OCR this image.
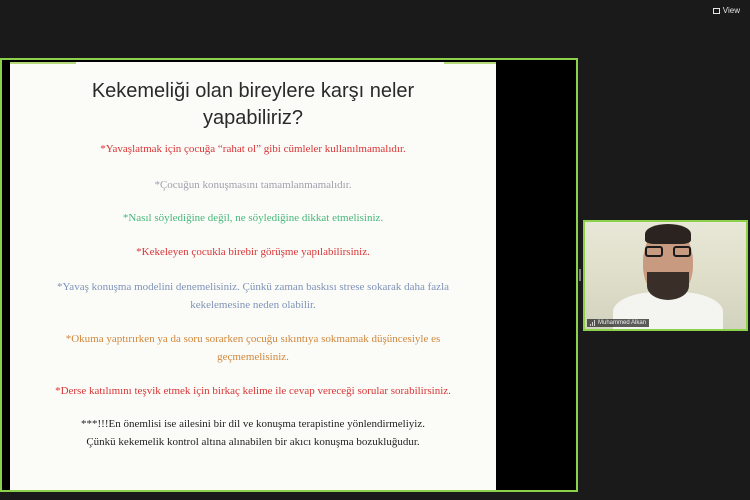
View
Kekemeliği olan bireylere karşı neler
yapabiliriz?
*Yavaşlatmak için çocuğa “rahat ol” gibi cümleler kullanılmamalıdır.
*Çocuğun konuşmasını tamamlanmamalıdır.
*Nasıl söylediğine değil, ne söylediğine dikkat etmelisiniz.
*Kekeleyen çocukla birebir görüşme yapılabilirsiniz.
*Yavaş konuşma modelini denemelisiniz. Çünkü zaman baskısı strese sokarak daha fazla
kekelemesine neden olabilir.
*Okuma yaptırırken ya da soru sorarken çocuğu sıkıntıya sokmamak düşüncesiyle es
geçmemelisiniz.
*Derse katılımını teşvik etmek için birkaç kelime ile cevap vereceği sorular sorabilirsiniz.
***!!!En önemlisi ise ailesini bir dil ve konuşma terapistine yönlendirmeliyiz.
Çünkü kekemelik kontrol altına alınabilen bir akıcı konuşma bozukluğudur.
Muhammed Alkan
